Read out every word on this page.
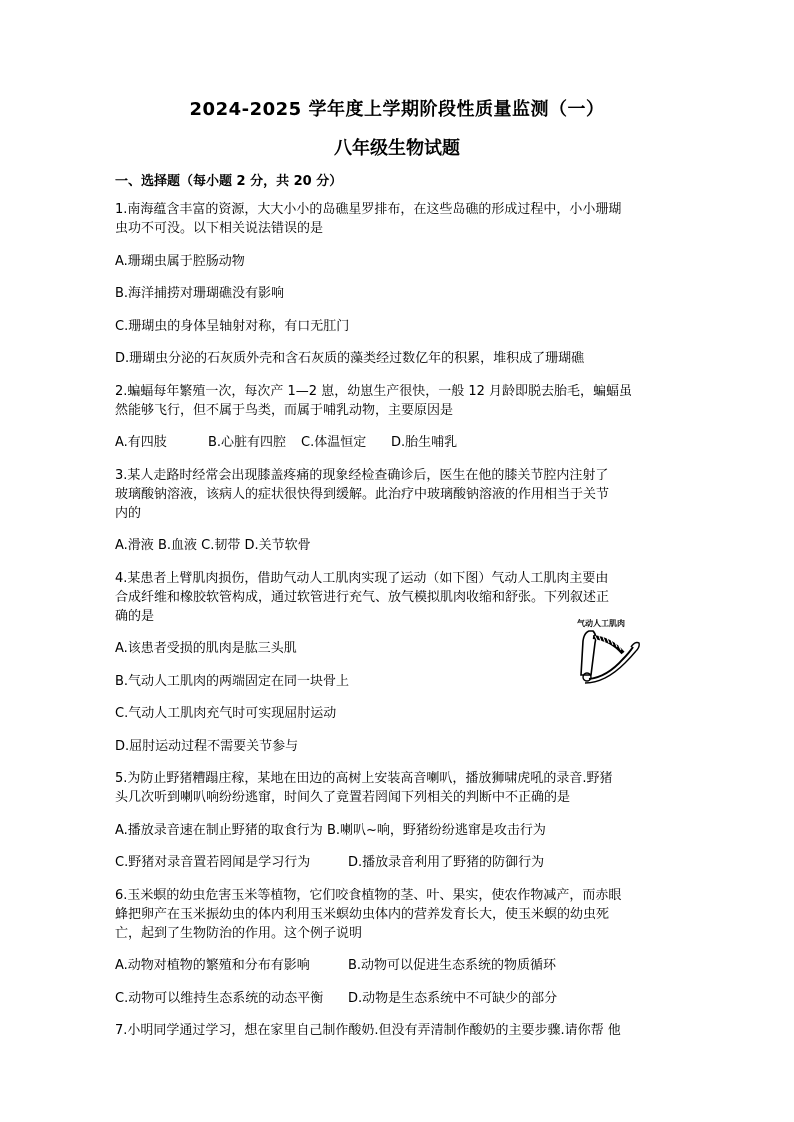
2024-2025 学年度上学期阶段性质量监测（一）
八年级生物试题
一、选择题（每小题 2 分，共 20 分）

1.南海蕴含丰富的资源，大大小小的岛礁星罗排布，在这些岛礁的形成过程中，小小珊瑚

虫功不可没。以下相关说法错误的是

A.珊瑚虫属于腔肠动物

B.海洋捕捞对珊瑚礁没有影响

C.珊瑚虫的身体呈轴射对称，有口无肛门

D.珊瑚虫分泌的石灰质外壳和含石灰质的藻类经过数亿年的积累，堆积成了珊瑚礁

2.蝙蝠每年繁殖一次，每次产 1—2 崽，幼崽生产很快，一般 12 月龄即脱去胎毛，蝙蝠虽

然能够飞行，但不属于鸟类，而属于哺乳动物，主要原因是

A.有四肢	B.心脏有四腔 C.体温恒定 D.胎生哺乳

3.某人走路时经常会出现膝盖疼痛的现象经检查确诊后，医生在他的膝关节腔内注射了

玻璃酸钠溶液，该病人的症状很快得到缓解。此治疗中玻璃酸钠溶液的作用相当于关节

内的

A.滑液 B.血液 C.韧带 D.关节软骨

4.某患者上臂肌肉损伤，借助气动人工肌肉实现了运动（如下图）气动人工肌肉主要由

合成纤维和橡胶软管构成，通过软管进行充气、放气模拟肌肉收缩和舒张。下列叙述正

确的是

A.该患者受损的肌肉是肱三头肌

B.气动人工肌肉的两端固定在同一块骨上

C.气动人工肌肉充气时可实现屈肘运动

D.屈肘运动过程不需要关节参与

5.为防止野猪糟蹋庄稼，某地在田边的高树上安装高音喇叭，播放狮啸虎吼的录音.野猪

头几次听到喇叭响纷纷逃窜，时间久了竟置若罔闻下列相关的判断中不正确的是

A.播放录音速在制止野猪的取食行为 B.喇叭~响，野猪纷纷逃窜是攻击行为

C.野猪对录音置若罔闻是学习行为	D.播放录音利用了野猪的防御行为

6.玉米螟的幼虫危害玉米等植物，它们咬食植物的茎、叶、果实，使农作物减产，而赤眼

蜂把卵产在玉米振幼虫的体内利用玉米螟幼虫体内的营养发育长大，使玉米螟的幼虫死

亡，起到了生物防治的作用。这个例子说明

A.动物对植物的繁殖和分布有影响	B.动物可以促进生态系统的物质循环

C.动物可以维持生态系统的动态平衡 D.动物是生态系统中不可缺少的部分

7.小明同学通过学习，想在家里自己制作酸奶.但没有弄清制作酸奶的主要步骤.请你帮 他

气动人工肌肉
